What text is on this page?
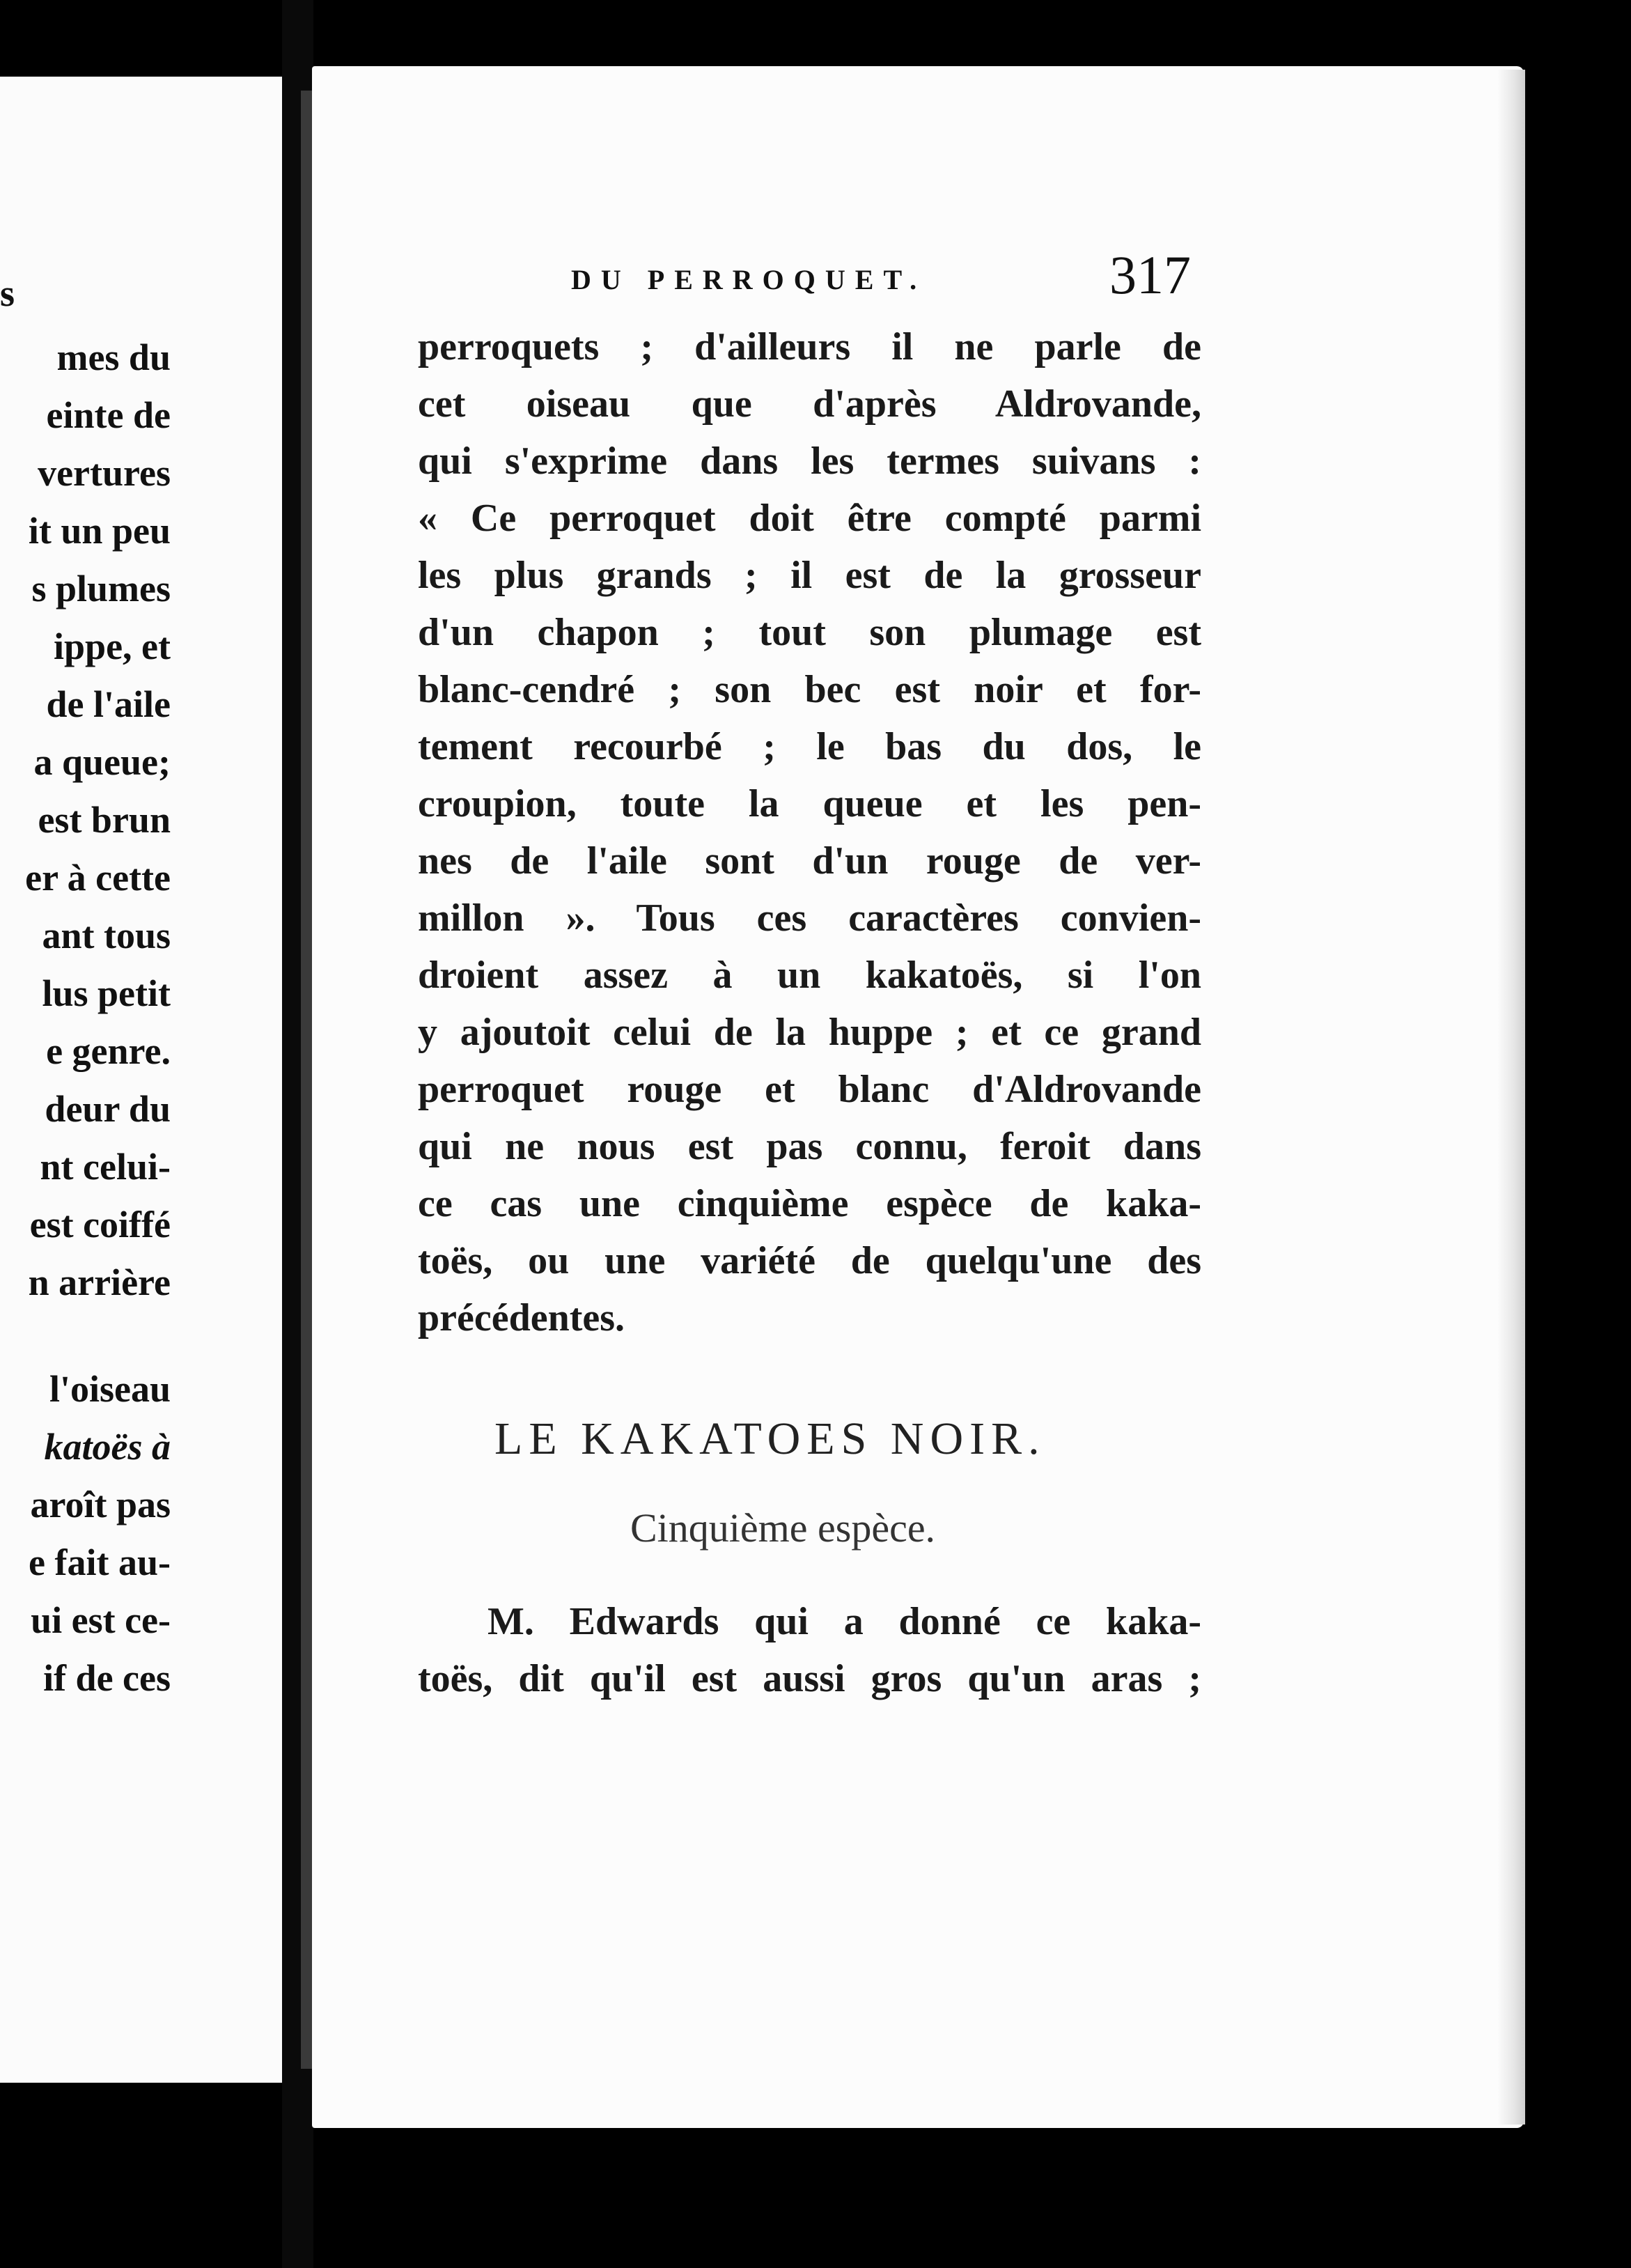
s
mes du
einte de
vertures
it un peu
s plumes
ippe, et
de l'aile
a queue;
est brun
er à cette
ant tous
lus petit
e genre.
deur du
nt celui-
est coiffé
n arrière
l'oiseau
katoës à
aroît pas
e fait au-
ui est ce-
if de ces
DU PERROQUET.	317
perroquets ; d'ailleurs il ne parle de
cet oiseau que d'après Aldrovande,
qui s'exprime dans les termes suivans :
« Ce perroquet doit être compté parmi
les plus grands ; il est de la grosseur
d'un chapon ; tout son plumage est
blanc-cendré ; son bec est noir et for-
tement recourbé ; le bas du dos, le
croupion, toute la queue et les pen-
nes de l'aile sont d'un rouge de ver-
millon ». Tous ces caractères convien-
droient assez à un kakatoës, si l'on
y ajoutoit celui de la huppe ; et ce grand
perroquet rouge et blanc d'Aldrovande
qui ne nous est pas connu, feroit dans
ce cas une cinquième espèce de kaka-
toës, ou une variété de quelqu'une des
précédentes.
LE KAKATOES NOIR.
Cinquième espèce.
M. Edwards qui a donné ce kaka-
toës, dit qu'il est aussi gros qu'un aras ;
